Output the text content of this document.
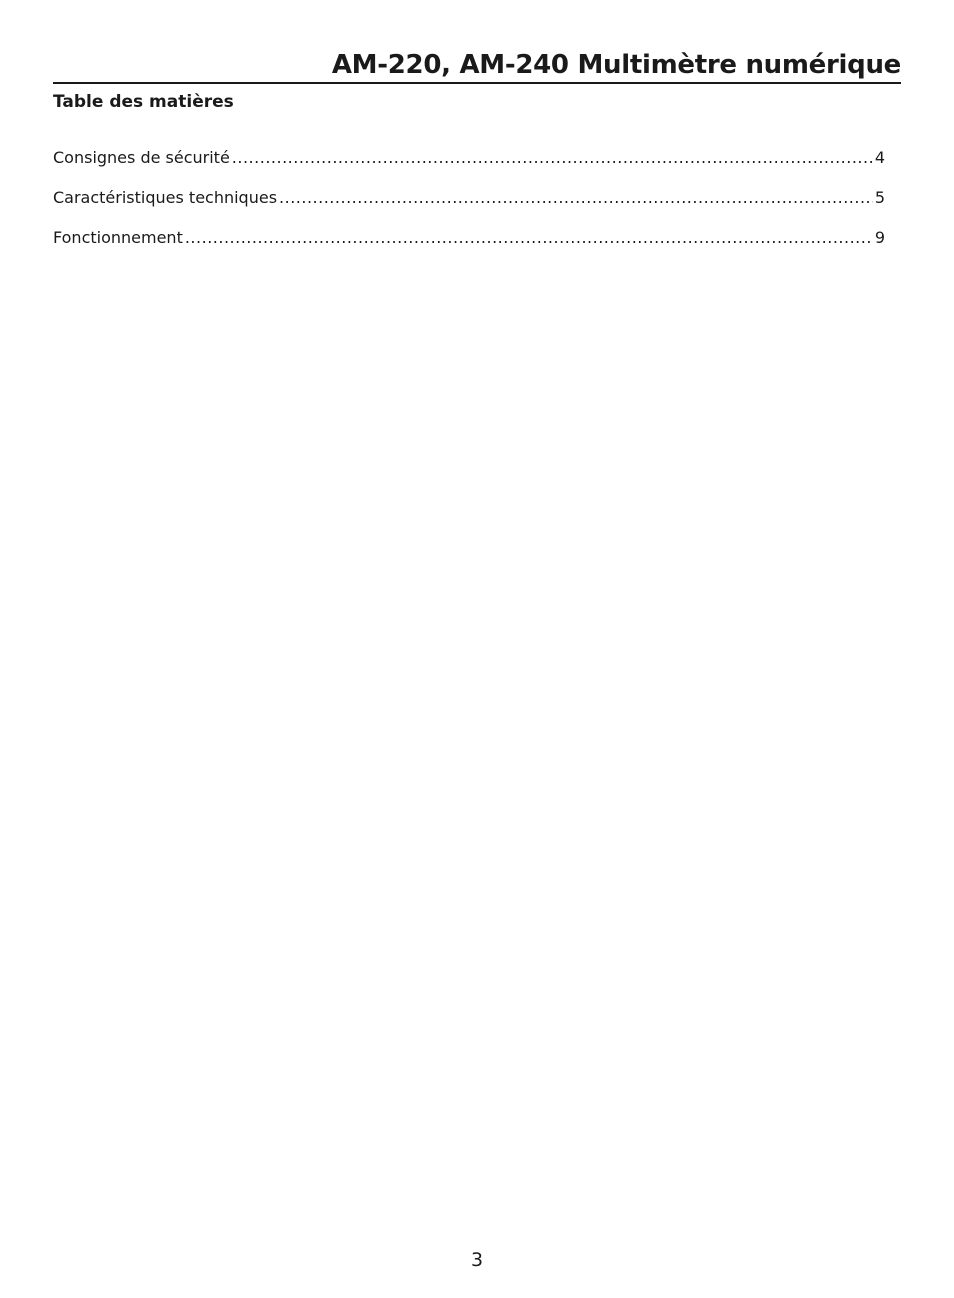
AM-220, AM-240 Multimètre numérique
Table des matières
Consignes de sécurité .....	4
Caractéristiques techniques .....	5
Fonctionnement .....	9
3
